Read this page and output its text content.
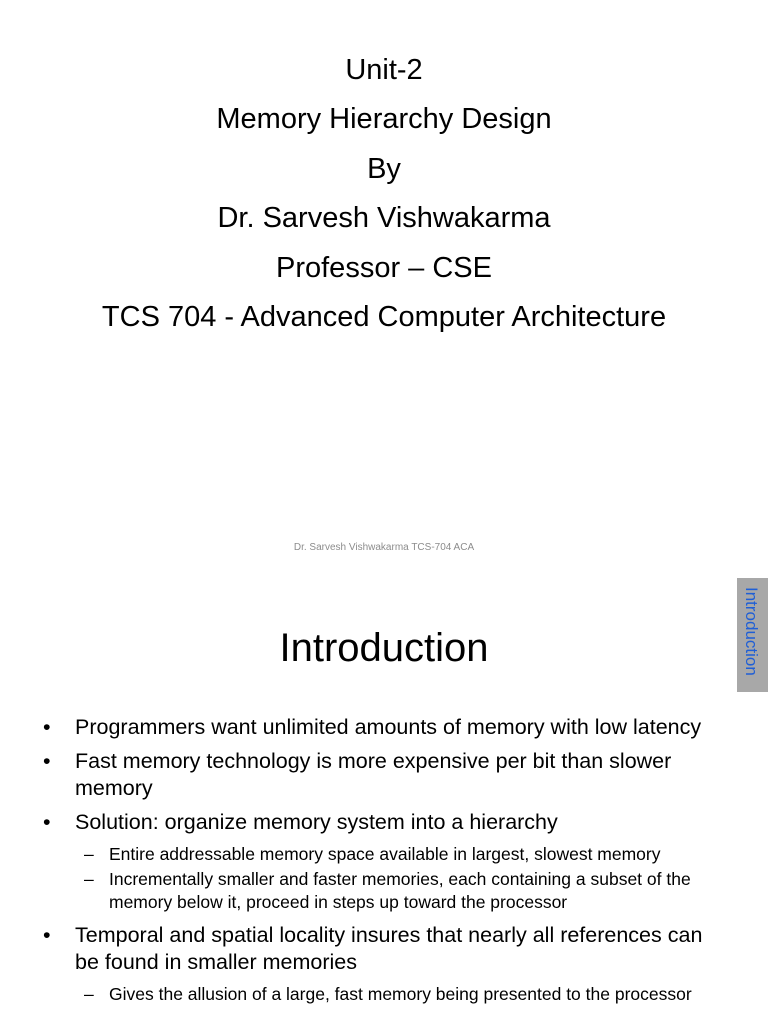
Unit-2
Memory Hierarchy Design
By
Dr. Sarvesh Vishwakarma
Professor – CSE
TCS 704 - Advanced Computer Architecture
Dr. Sarvesh Vishwakarma TCS-704 ACA
Introduction
Introduction
• Programmers want unlimited amounts of memory with low latency
• Fast memory technology is more expensive per bit than slower memory
• Solution: organize memory system into a hierarchy
– Entire addressable memory space available in largest, slowest memory
– Incrementally smaller and faster memories, each containing a subset of the memory below it, proceed in steps up toward the processor
• Temporal and spatial locality insures that nearly all references can be found in smaller memories
– Gives the allusion of a large, fast memory being presented to the processor
